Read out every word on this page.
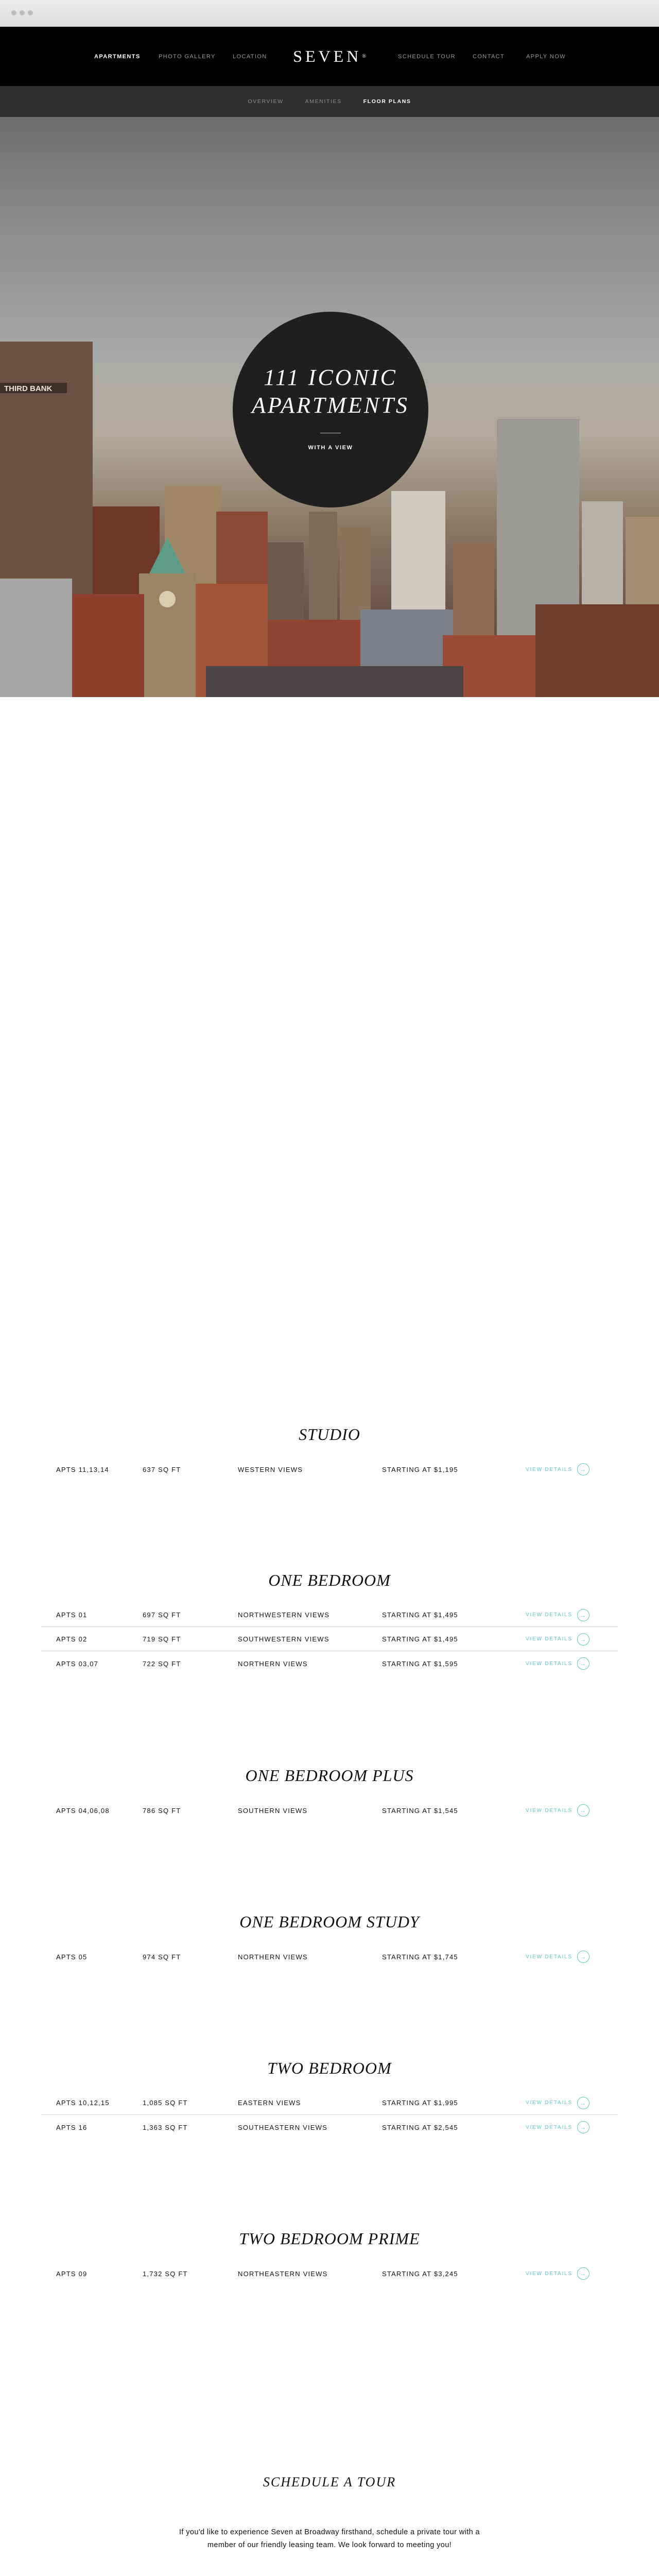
APARTMENTS	PHOTO GALLERY	LOCATION SEVEN ®	SCHEDULE TOUR	CONTACT	APPLY NOW
OVERVIEW	AMENITIES	FLOOR PLANS
THIRD BANK	111 ICONIC
APARTMENTS
WITH A VIEW
STUDIO
APTS 11,13,14	637 SQ FT	WESTERN VIEWS	STARTING AT $1,195	VIEW DETAILS	→
ONE BEDROOM
APTS 01	697 SQ FT	NORTHWESTERN VIEWS	STARTING AT $1,495	VIEW DETAILS	→
APTS 02	719 SQ FT	SOUTHWESTERN VIEWS	STARTING AT $1,495	VIEW DETAILS	→
APTS 03,07	722 SQ FT	NORTHERN VIEWS	STARTING AT $1,595	VIEW DETAILS	→
ONE BEDROOM PLUS
APTS 04,06,08	786 SQ FT	SOUTHERN VIEWS	STARTING AT $1,545	VIEW DETAILS	→
ONE BEDROOM STUDY
APTS 05	974 SQ FT	NORTHERN VIEWS	STARTING AT $1,745	VIEW DETAILS	→
TWO BEDROOM
APTS 10,12,15	1,085 SQ FT	EASTERN VIEWS	STARTING AT $1,995	VIEW DETAILS	→
APTS 16	1,363 SQ FT	SOUTHEASTERN VIEWS	STARTING AT $2,545	VIEW DETAILS	→
TWO BEDROOM PRIME
APTS 09	1,732 SQ FT	NORTHEASTERN VIEWS	STARTING AT $3,245	VIEW DETAILS	→
SCHEDULE A TOUR
If you'd like to experience Seven at Broadway firsthand, schedule a private tour with a
member of our friendly leasing team. We look forward to meeting you!
